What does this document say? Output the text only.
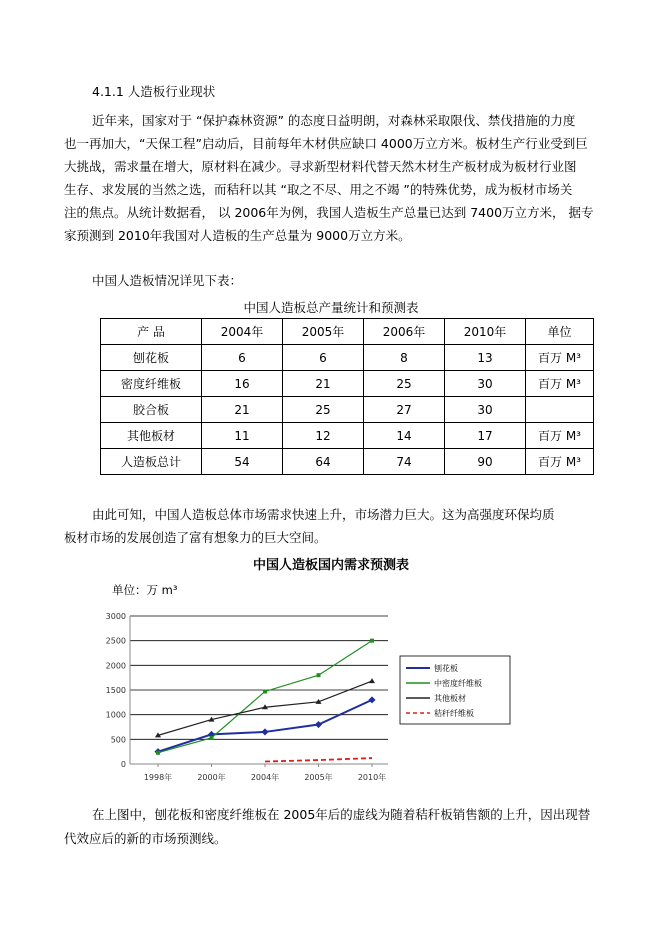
4.1.1 人造板行业现状
近年来，国家对于 “保护森林资源” 的态度日益明朗，对森林采取限伐、禁伐措施的力度
也一再加大，“天保工程”启动后，目前每年木材供应缺口 4000万立方米。板材生产行业受到巨
大挑战，需求量在增大，原材料在减少。寻求新型材料代替天然木材生产板材成为板材行业图
生存、求发展的当然之选，而秸秆以其 “取之不尽、用之不竭 ”的特殊优势，成为板材市场关
注的焦点。从统计数据看， 以 2006年为例，我国人造板生产总量已达到 7400万立方米， 据专
家预测到 2010年我国对人造板的生产总量为 9000万立方米。
中国人造板情况详见下表：
中国人造板总产量统计和预测表
产 品	2004年	2005年	2006年	2010年	单位
刨花板	6	6	8	13	百万 M³
密度纤维板	16	21	25	30	百万 M³
胶合板	21	25	27	30	
其他板材	11	12	14	17	百万 M³
人造板总计	54	64	74	90	百万 M³
由此可知，中国人造板总体市场需求快速上升，市场潜力巨大。这为高强度环保均质
板材市场的发展创造了富有想象力的巨大空间。
中国人造板国内需求预测表
刨花板
中密度纤维板
其他板材
秸秆纤维板
单位：万 m³
0
500
1000
1500
2000
2500
3000
1998年	2000年	2004年	2005年	2010年
在上图中，刨花板和密度纤维板在 2005年后的虚线为随着秸秆板销售额的上升，因出现替
代效应后的新的市场预测线。
